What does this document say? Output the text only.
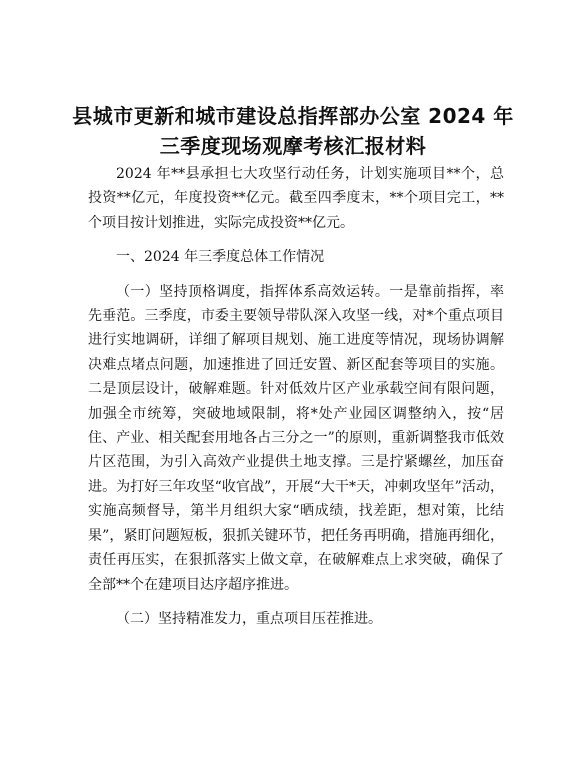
县城市更新和城市建设总指挥部办公室 2024 年
三季度现场观摩考核汇报材料

2024 年**县承担七大攻坚行动任务，计划实施项目**个，总投资**亿元，年度投资**亿元。截至四季度末，**个项目完工，**个项目按计划推进，实际完成投资**亿元。

一、2024 年三季度总体工作情况

（一）坚持顶格调度，指挥体系高效运转。一是靠前指挥，率先垂范。三季度，市委主要领导带队深入攻坚一线，对*个重点项目进行实地调研，详细了解项目规划、施工进度等情况，现场协调解决难点堵点问题，加速推进了回迁安置、新区配套等项目的实施。二是顶层设计，破解难题。针对低效片区产业承载空间有限问题，加强全市统筹，突破地域限制，将*处产业园区调整纳入，按“居住、产业、相关配套用地各占三分之一”的原则，重新调整我市低效片区范围，为引入高效产业提供土地支撑。三是拧紧螺丝，加压奋进。为打好三年攻坚“收官战”，开展“大干*天，冲刺攻坚年”活动，实施高频督导，第半月组织大家“晒成绩，找差距，想对策，比结果”，紧盯问题短板，狠抓关键环节，把任务再明确，措施再细化，责任再压实，在狠抓落实上做文章，在破解难点上求突破，确保了全部**个在建项目达序超序推进。

（二）坚持精准发力，重点项目压茬推进。
